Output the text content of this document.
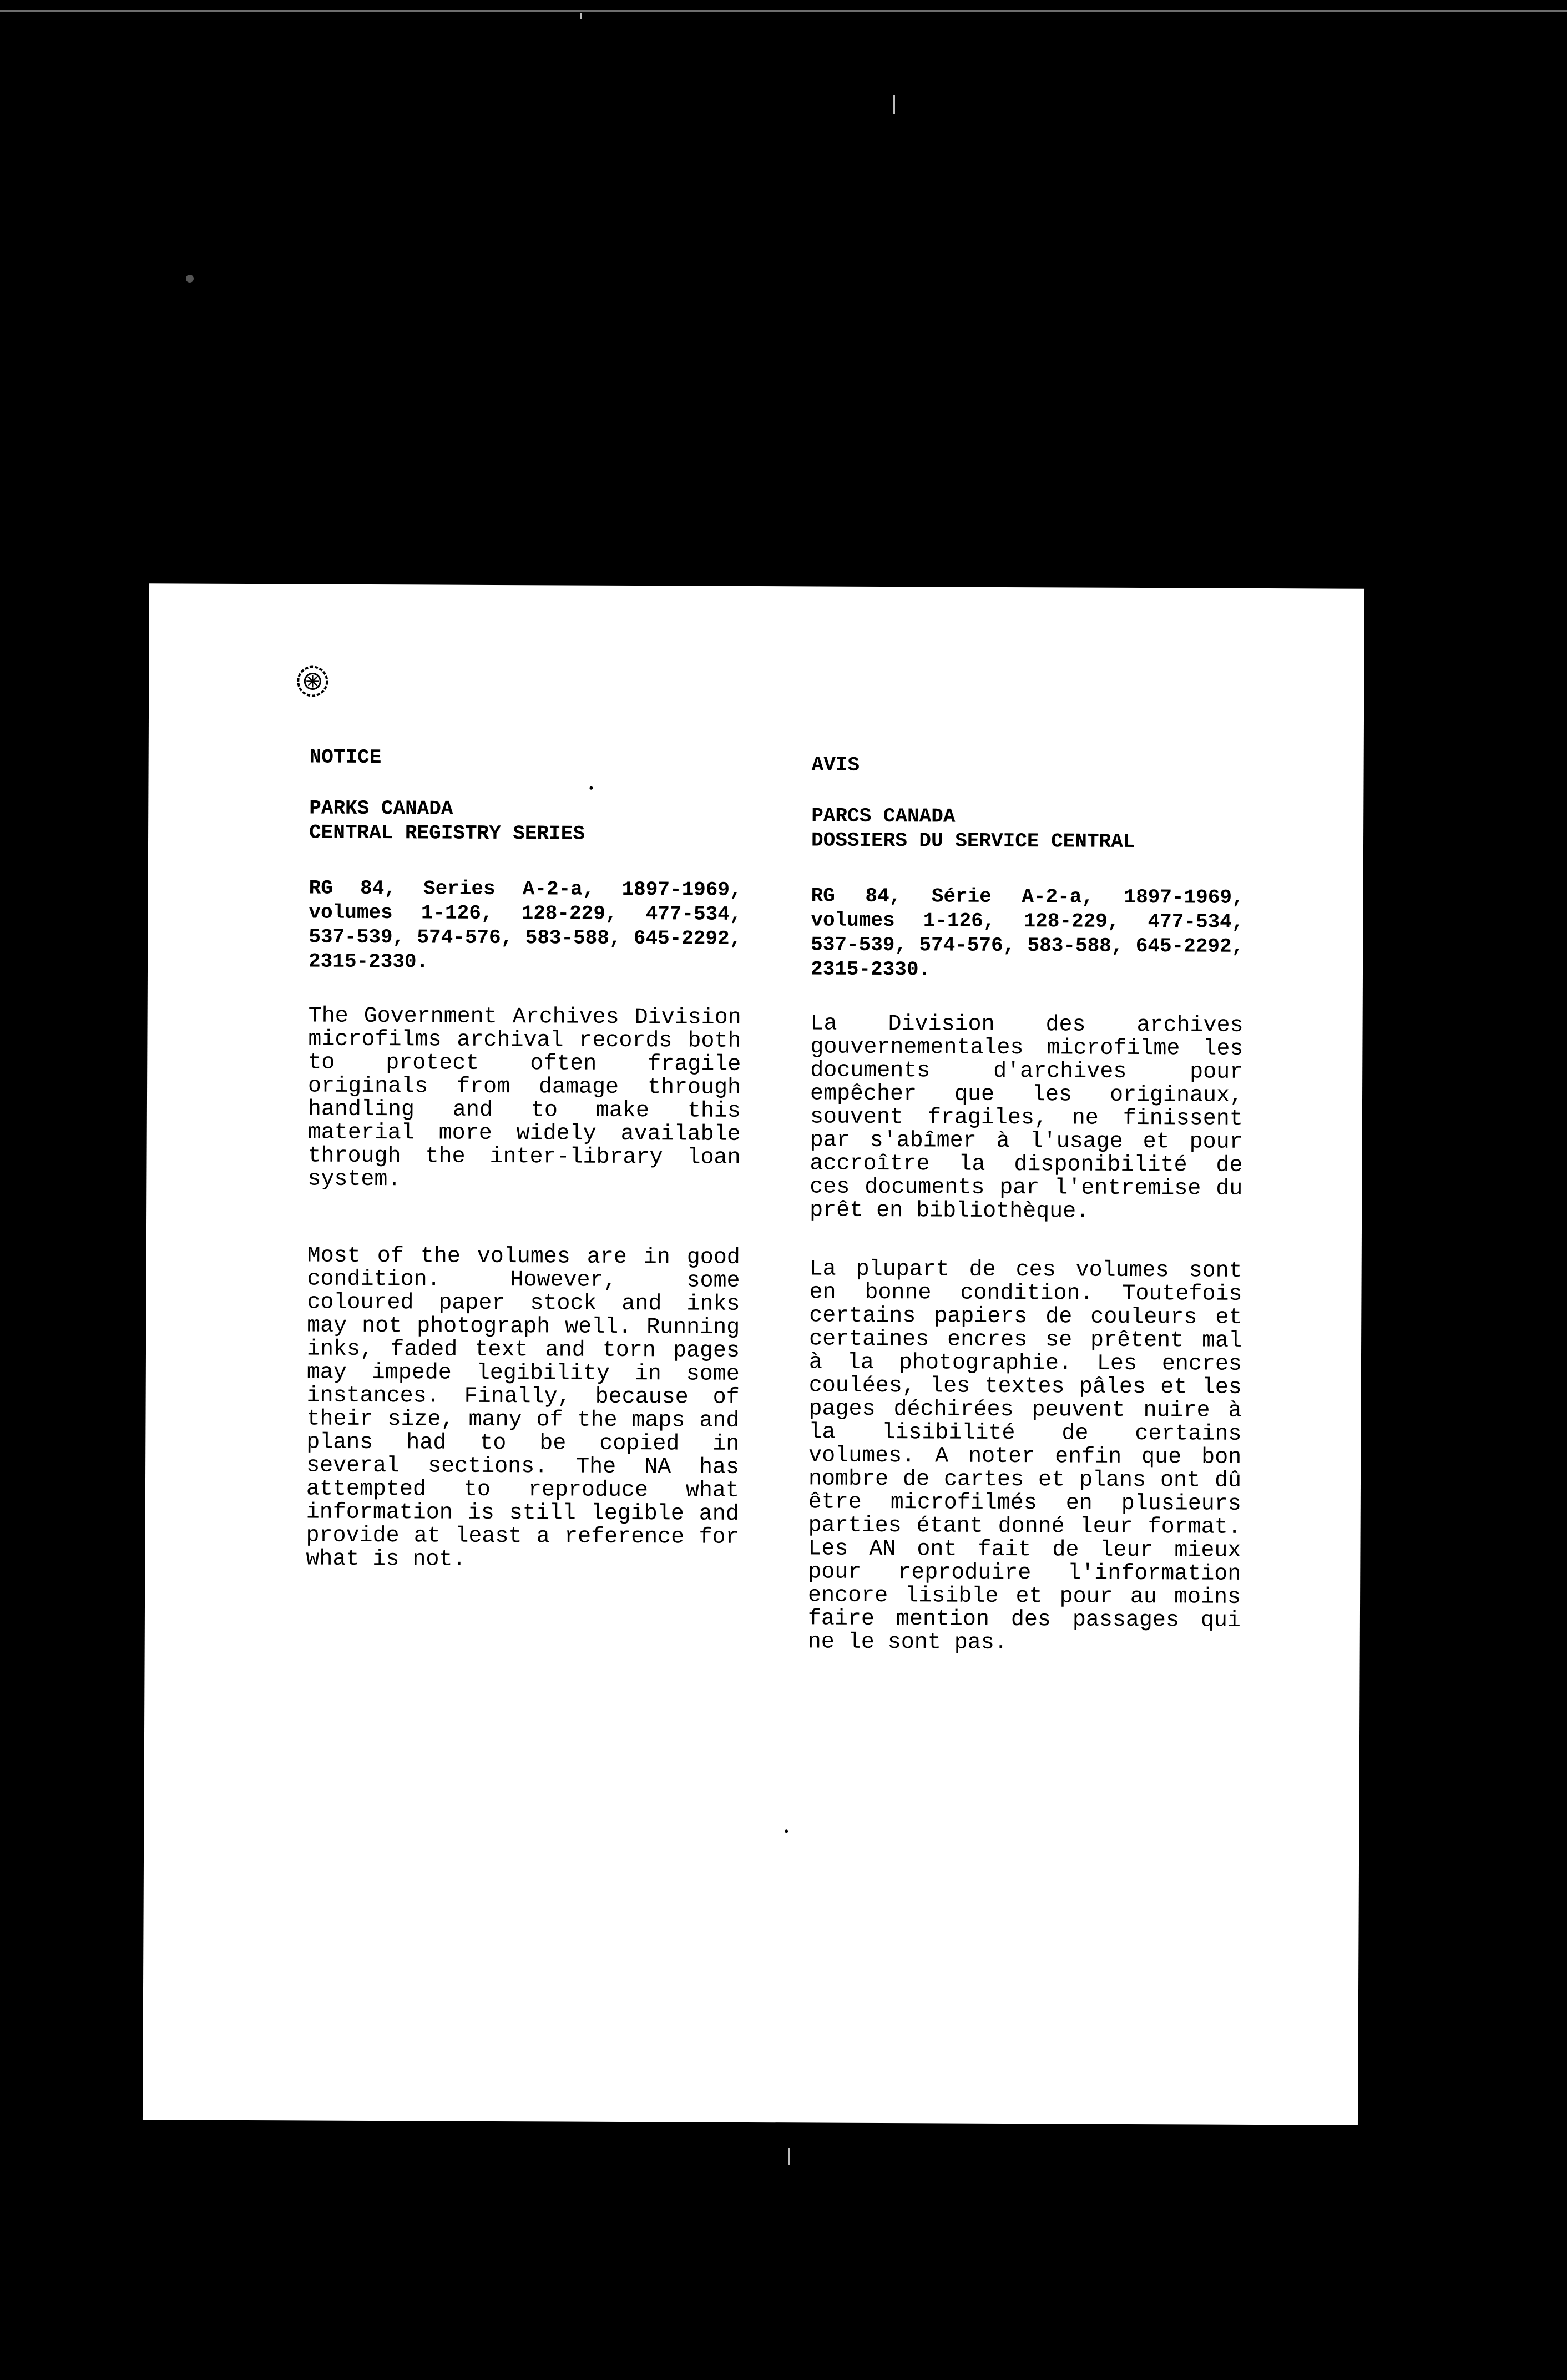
NOTICE

PARKS CANADA
CENTRAL REGISTRY SERIES

RG 84, Series A-2-a, 1897-1969, volumes 1-126, 128-229, 477-534, 537-539, 574-576, 583-588, 645-2292, 2315-2330.

The Government Archives Division microfilms archival records both to protect often fragile originals from damage through handling and to make this material more widely available through the inter-library loan system.

Most of the volumes are in good condition. However, some coloured paper stock and inks may not photograph well. Running inks, faded text and torn pages may impede legibility in some instances. Finally, because of their size, many of the maps and plans had to be copied in several sections. The NA has attempted to reproduce what information is still legible and provide at least a reference for what is not.

AVIS

PARCS CANADA
DOSSIERS DU SERVICE CENTRAL

RG 84, Série A-2-a, 1897-1969, volumes 1-126, 128-229, 477-534, 537-539, 574-576, 583-588, 645-2292, 2315-2330.

La Division des archives gouvernementales microfilme les documents d'archives pour empêcher que les originaux, souvent fragiles, ne finissent par s'abîmer à l'usage et pour accroître la disponibilité de ces documents par l'entremise du prêt en bibliothèque.

La plupart de ces volumes sont en bonne condition. Toutefois certains papiers de couleurs et certaines encres se prêtent mal à la photographie. Les encres coulées, les textes pâles et les pages déchirées peuvent nuire à la lisibilité de certains volumes. A noter enfin que bon nombre de cartes et plans ont dû être microfilmés en plusieurs parties étant donné leur format. Les AN ont fait de leur mieux pour reproduire l'information encore lisible et pour au moins faire mention des passages qui ne le sont pas.
